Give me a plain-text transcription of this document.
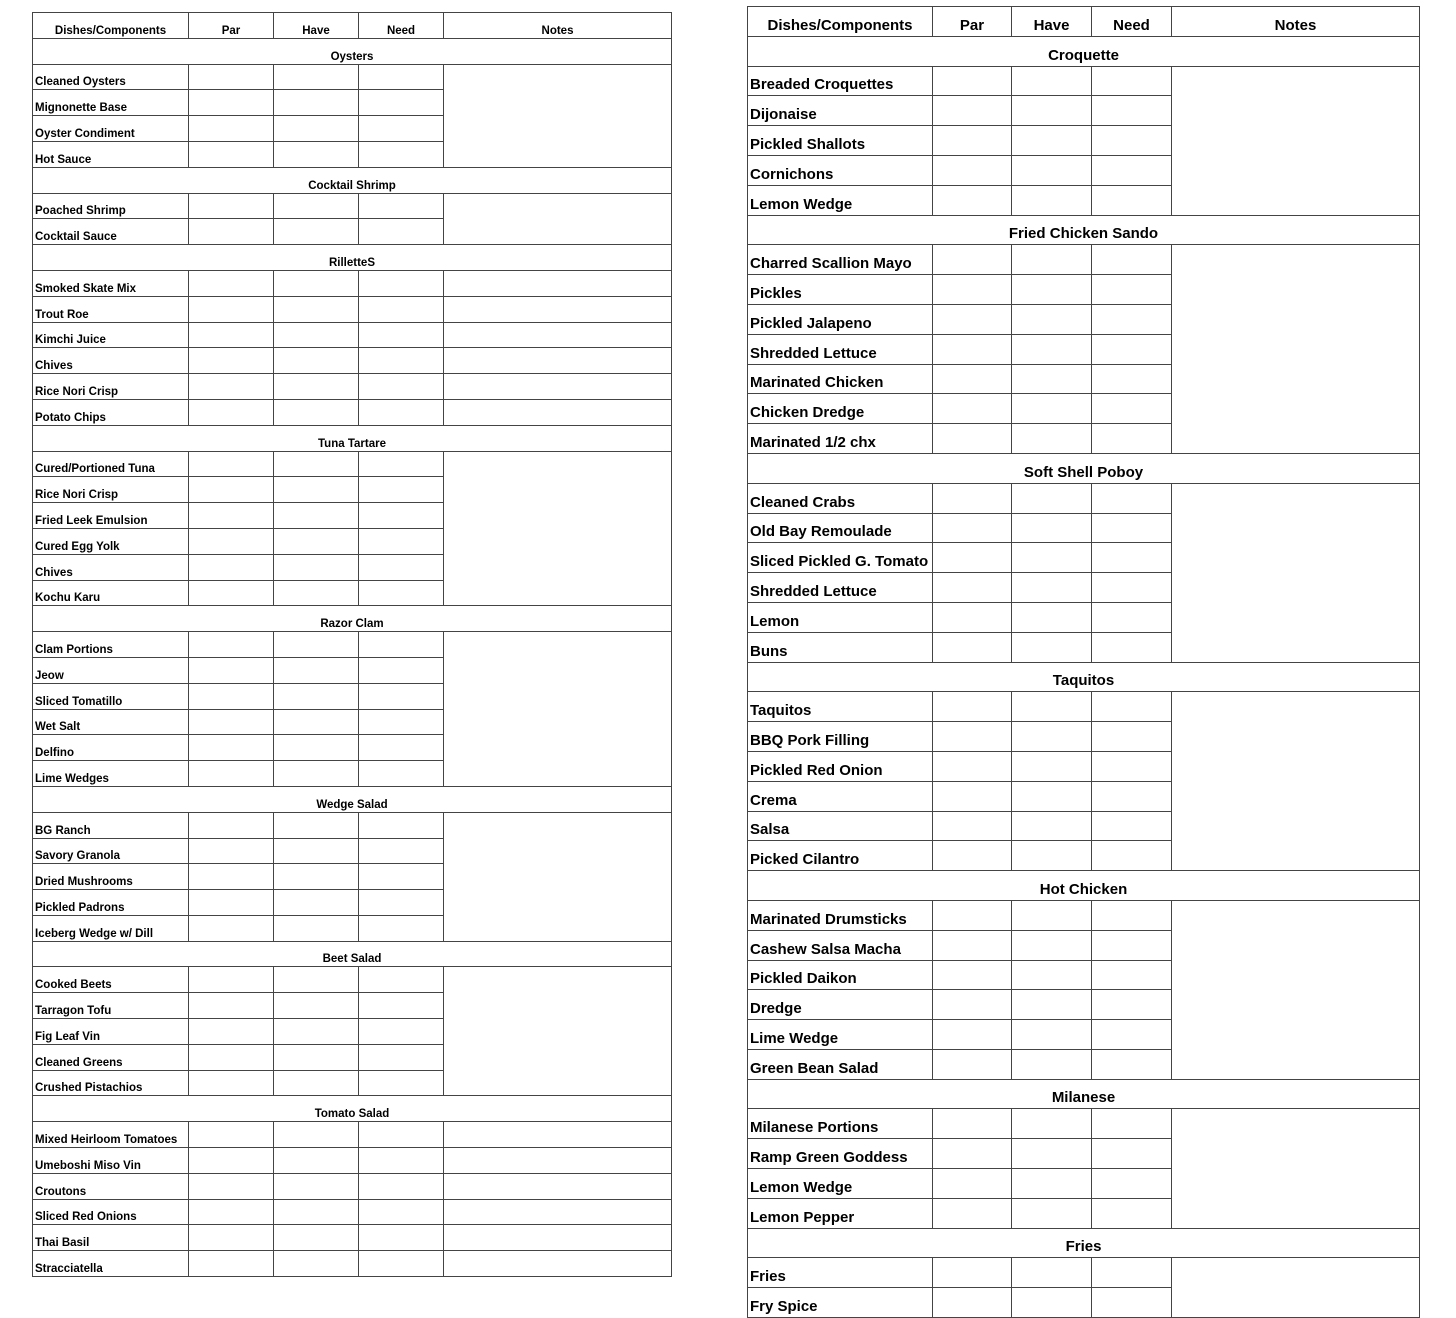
Dishes/Components	Par	Have	Need	Notes
Oysters				
Cleaned Oysters				
Mignonette Base				
Oyster Condiment				
Hot Sauce				
Cocktail Shrimp				
Poached Shrimp				
Cocktail Sauce				
RilletteS				
Smoked Skate Mix				
Trout Roe				
Kimchi Juice				
Chives				
Rice Nori Crisp				
Potato Chips				
Tuna Tartare				
Cured/Portioned Tuna				
Rice Nori Crisp				
Fried Leek Emulsion				
Cured Egg Yolk				
Chives				
Kochu Karu				
Razor Clam				
Clam Portions				
Jeow				
Sliced Tomatillo				
Wet Salt				
Delfino				
Lime Wedges				
Wedge Salad				
BG Ranch				
Savory Granola				
Dried Mushrooms				
Pickled Padrons				
Iceberg Wedge w/ Dill				
Beet Salad				
Cooked Beets				
Tarragon Tofu				
Fig Leaf Vin				
Cleaned Greens				
Crushed Pistachios				
Tomato Salad				
Mixed Heirloom Tomatoes				
Umeboshi Miso Vin				
Croutons				
Sliced Red Onions				
Thai Basil				
Stracciatella				
Dishes/Components	Par	Have	Need	Notes
Croquette				
Breaded Croquettes				
Dijonaise				
Pickled Shallots				
Cornichons				
Lemon Wedge				
Fried Chicken Sando				
Charred Scallion Mayo				
Pickles				
Pickled Jalapeno				
Shredded Lettuce				
Marinated Chicken				
Chicken Dredge				
Marinated 1/2 chx				
Soft Shell Poboy				
Cleaned Crabs				
Old Bay Remoulade				
Sliced Pickled G. Tomato				
Shredded Lettuce				
Lemon				
Buns				
Taquitos				
Taquitos				
BBQ Pork Filling				
Pickled Red Onion				
Crema				
Salsa				
Picked Cilantro				
Hot Chicken				
Marinated Drumsticks				
Cashew Salsa Macha				
Pickled Daikon				
Dredge				
Lime Wedge				
Green Bean Salad				
Milanese				
Milanese Portions				
Ramp Green Goddess				
Lemon Wedge				
Lemon Pepper				
Fries				
Fries				
Fry Spice				
